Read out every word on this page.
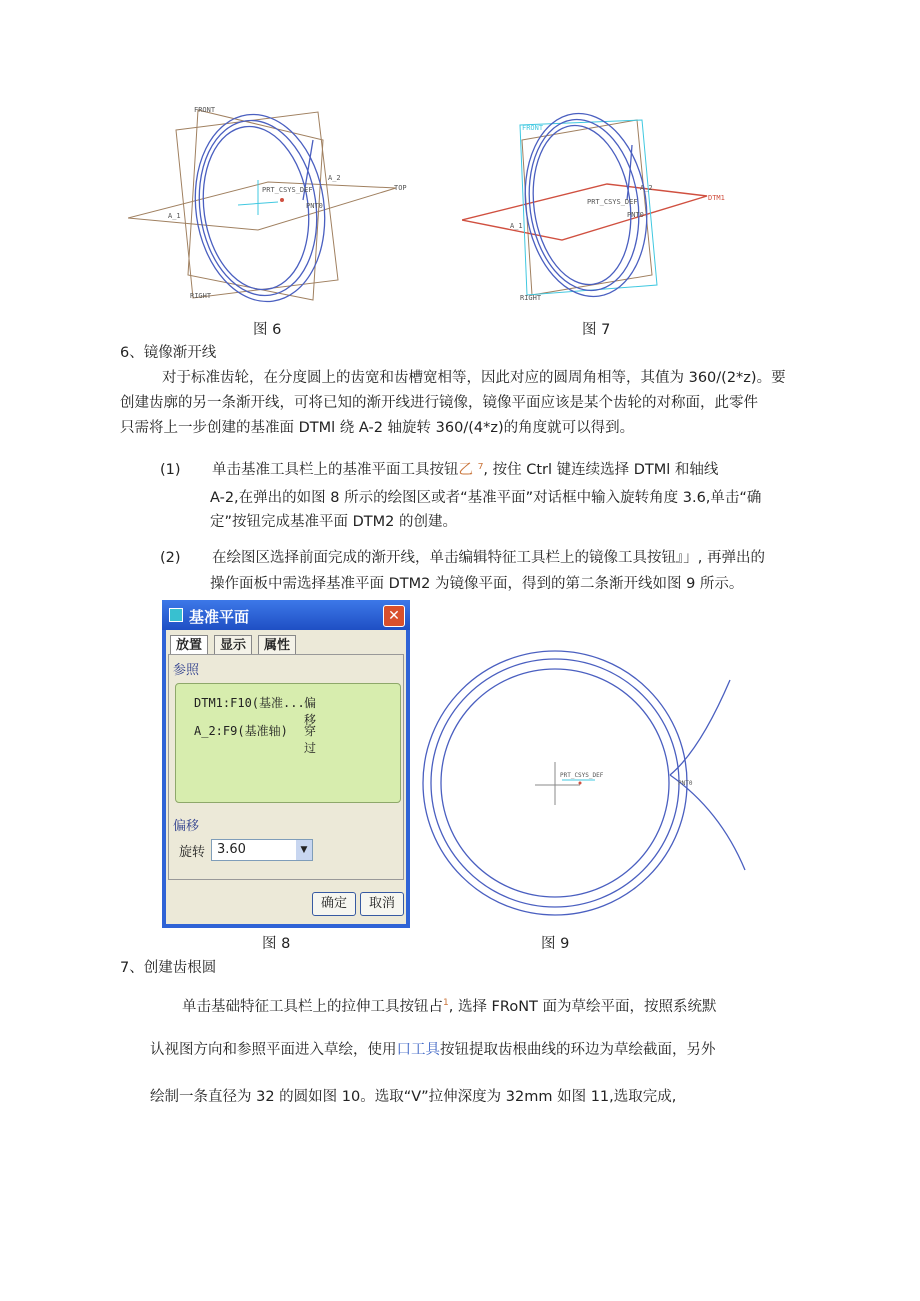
FRONT
TOP
RIGHT
A_1
A_2
PRT_CSYS_DEF
PNT0
图 6
FRONT
DTM1
RIGHT
A_1
A_2
PRT_CSYS_DEF
PNT0
图 7
6、镜像渐开线
对于标准齿轮，在分度圆上的齿宽和齿槽宽相等，因此对应的圆周角相等，其值为 360/(2*z)。要
创建齿廓的另一条渐开线，可将已知的渐开线进行镜像，镜像平面应该是某个齿轮的对称面，此零件
只需将上一步创建的基准面 DTMl 绕 A-2 轴旋转 360/(4*z)的角度就可以得到。
(1) 单击基准工具栏上的基准平面工具按钮乙 ⁷, 按住 Ctrl 键连续选择 DTMl 和轴线
A-2,在弹出的如图 8 所示的绘图区或者“基准平面”对话框中输入旋转角度 3.6,单击“确
定”按钮完成基准平面 DTM2 的创建。
(2) 在绘图区选择前面完成的渐开线，单击编辑特征工具栏上的镜像工具按钮』」, 再弹出的
操作面板中需选择基准平面 DTM2 为镜像平面，得到的第二条渐开线如图 9 所示。
基准平面	✕
放置	显示	属性
参照
DTM1:F10(基准... 偏移
A_2:F9(基准轴) 穿过
偏移
旋转 3.60	▼
确定	取消
图 8
PRT_CSYS_DEF
PNT0
图 9
7、创建齿根圆
单击基础特征工具栏上的拉伸工具按钮占$^1$, 选择 FRoNT 面为草绘平面，按照系统默
认视图方向和参照平面进入草绘，使用口工具按钮提取齿根曲线的环边为草绘截面，另外
绘制一条直径为 32 的圆如图 10。选取“V”拉伸深度为 32mm 如图 11,选取完成,
